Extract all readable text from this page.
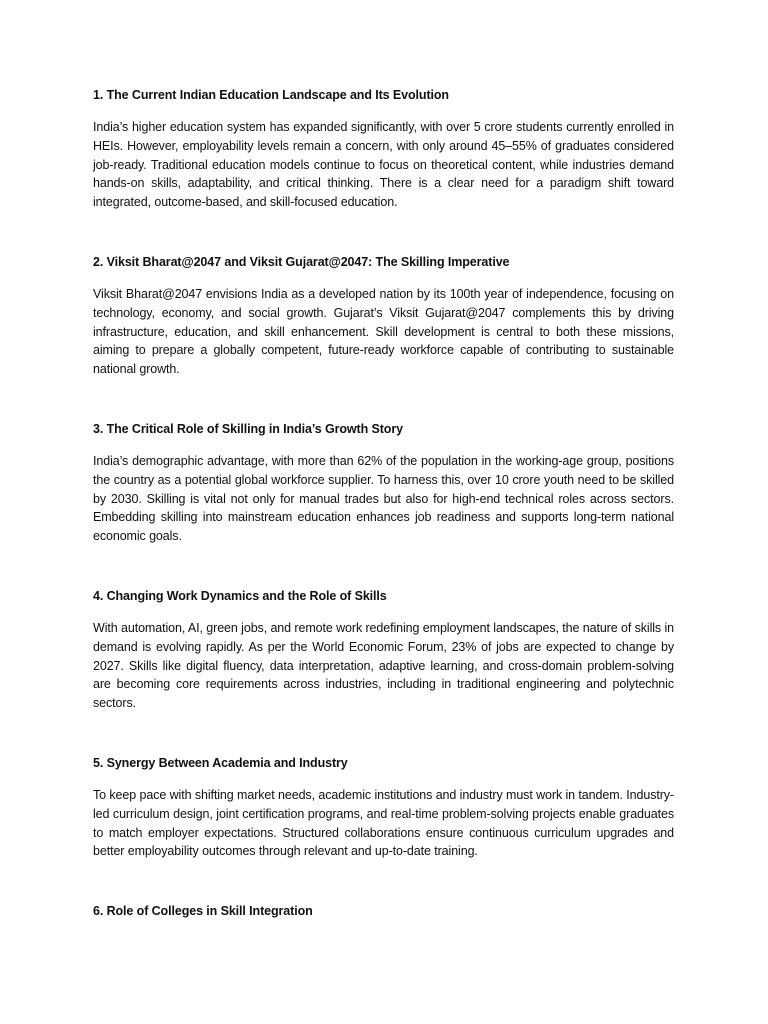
1. The Current Indian Education Landscape and Its Evolution

India’s higher education system has expanded significantly, with over 5 crore students currently enrolled in HEIs. However, employability levels remain a concern, with only around 45–55% of graduates considered job-ready. Traditional education models continue to focus on theoretical content, while industries demand hands-on skills, adaptability, and critical thinking. There is a clear need for a paradigm shift toward integrated, outcome-based, and skill-focused education.

2. Viksit Bharat@2047 and Viksit Gujarat@2047: The Skilling Imperative

Viksit Bharat@2047 envisions India as a developed nation by its 100th year of independence, focusing on technology, economy, and social growth. Gujarat’s Viksit Gujarat@2047 complements this by driving infrastructure, education, and skill enhancement. Skill development is central to both these missions, aiming to prepare a globally competent, future-ready workforce capable of contributing to sustainable national growth.

3. The Critical Role of Skilling in India’s Growth Story

India’s demographic advantage, with more than 62% of the population in the working-age group, positions the country as a potential global workforce supplier. To harness this, over 10 crore youth need to be skilled by 2030. Skilling is vital not only for manual trades but also for high-end technical roles across sectors. Embedding skilling into mainstream education enhances job readiness and supports long-term national economic goals.

4. Changing Work Dynamics and the Role of Skills

With automation, AI, green jobs, and remote work redefining employment landscapes, the nature of skills in demand is evolving rapidly. As per the World Economic Forum, 23% of jobs are expected to change by 2027. Skills like digital fluency, data interpretation, adaptive learning, and cross-domain problem-solving are becoming core requirements across industries, including in traditional engineering and polytechnic sectors.

5. Synergy Between Academia and Industry

To keep pace with shifting market needs, academic institutions and industry must work in tandem. Industry-led curriculum design, joint certification programs, and real-time problem-solving projects enable graduates to match employer expectations. Structured collaborations ensure continuous curriculum upgrades and better employability outcomes through relevant and up-to-date training.

6. Role of Colleges in Skill Integration
